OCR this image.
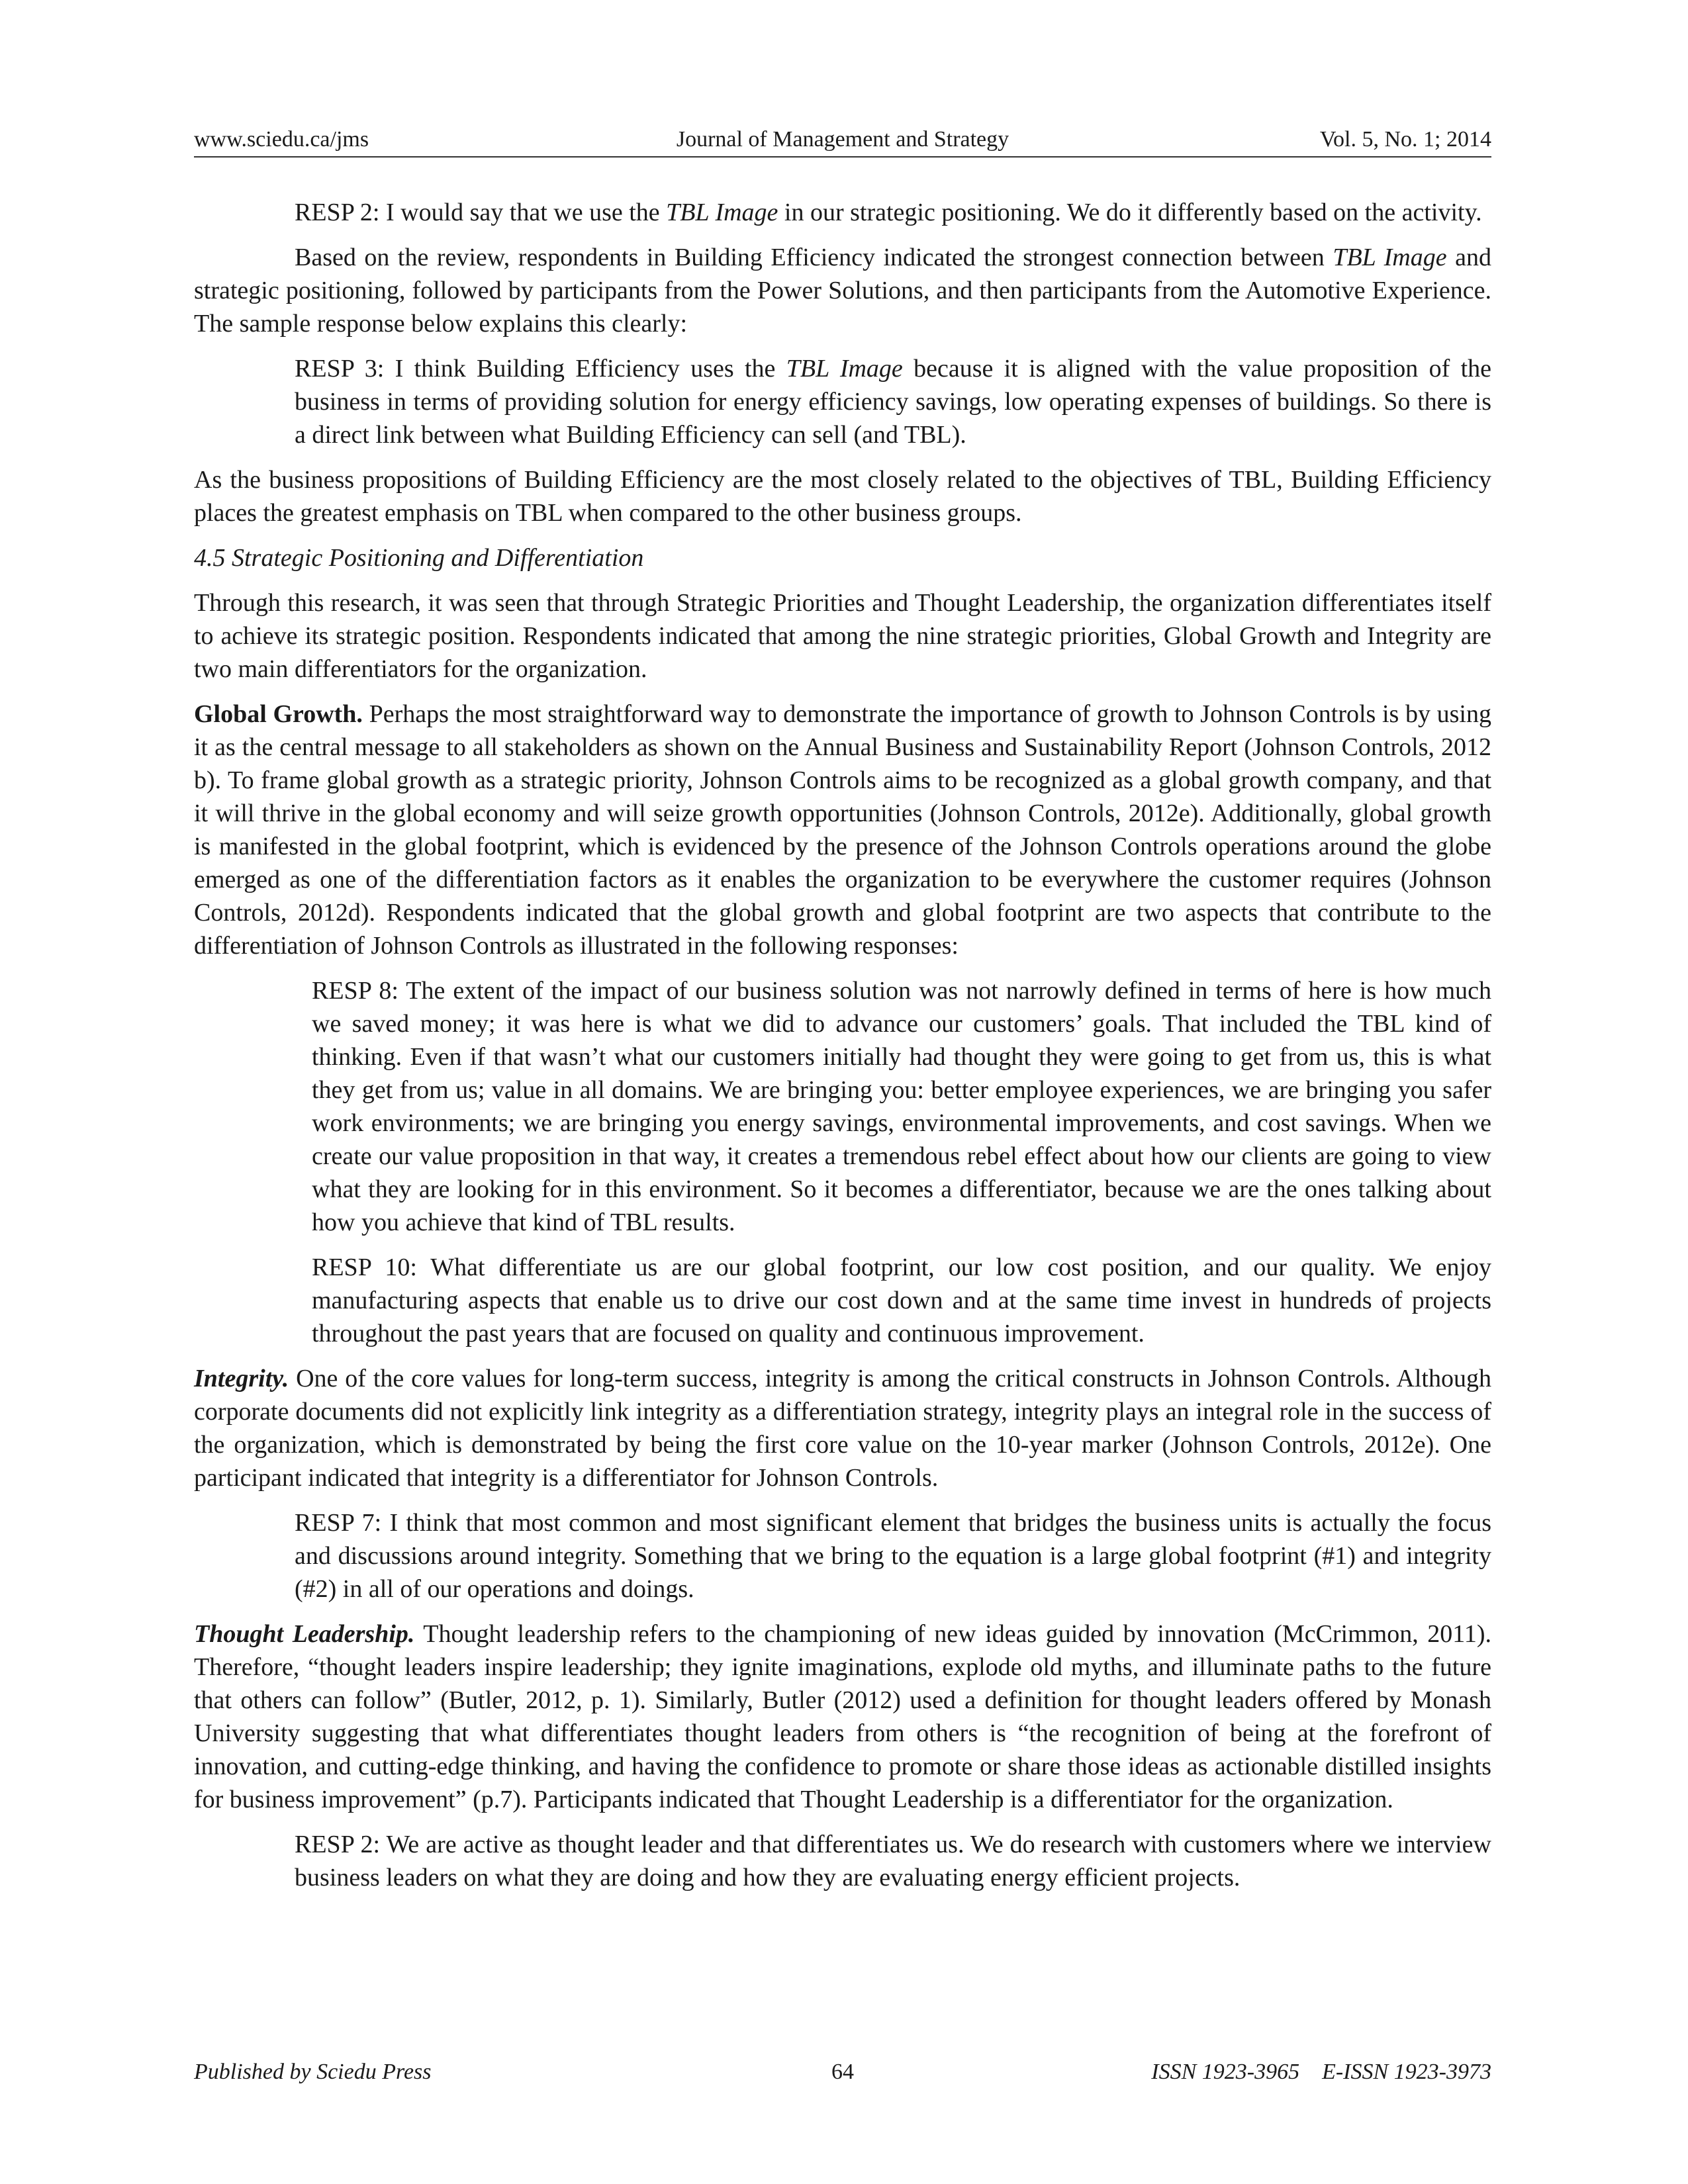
www.sciedu.ca/jms	Journal of Management and Strategy	Vol. 5, No. 1; 2014

RESP 2: I would say that we use the TBL Image in our strategic positioning. We do it differently based on the activity.

Based on the review, respondents in Building Efficiency indicated the strongest connection between TBL Image and strategic positioning, followed by participants from the Power Solutions, and then participants from the Automotive Experience. The sample response below explains this clearly:

RESP 3: I think Building Efficiency uses the TBL Image because it is aligned with the value proposition of the business in terms of providing solution for energy efficiency savings, low operating expenses of buildings. So there is a direct link between what Building Efficiency can sell (and TBL).

As the business propositions of Building Efficiency are the most closely related to the objectives of TBL, Building Efficiency places the greatest emphasis on TBL when compared to the other business groups.

4.5 Strategic Positioning and Differentiation

Through this research, it was seen that through Strategic Priorities and Thought Leadership, the organization differentiates itself to achieve its strategic position. Respondents indicated that among the nine strategic priorities, Global Growth and Integrity are two main differentiators for the organization.

Global Growth. Perhaps the most straightforward way to demonstrate the importance of growth to Johnson Controls is by using it as the central message to all stakeholders as shown on the Annual Business and Sustainability Report (Johnson Controls, 2012 b). To frame global growth as a strategic priority, Johnson Controls aims to be recognized as a global growth company, and that it will thrive in the global economy and will seize growth opportunities (Johnson Controls, 2012e). Additionally, global growth is manifested in the global footprint, which is evidenced by the presence of the Johnson Controls operations around the globe emerged as one of the differentiation factors as it enables the organization to be everywhere the customer requires (Johnson Controls, 2012d). Respondents indicated that the global growth and global footprint are two aspects that contribute to the differentiation of Johnson Controls as illustrated in the following responses:

RESP 8: The extent of the impact of our business solution was not narrowly defined in terms of here is how much we saved money; it was here is what we did to advance our customers’ goals. That included the TBL kind of thinking. Even if that wasn’t what our customers initially had thought they were going to get from us, this is what they get from us; value in all domains. We are bringing you: better employee experiences, we are bringing you safer work environments; we are bringing you energy savings, environmental improvements, and cost savings. When we create our value proposition in that way, it creates a tremendous rebel effect about how our clients are going to view what they are looking for in this environment. So it becomes a differentiator, because we are the ones talking about how you achieve that kind of TBL results.

RESP 10: What differentiate us are our global footprint, our low cost position, and our quality. We enjoy manufacturing aspects that enable us to drive our cost down and at the same time invest in hundreds of projects throughout the past years that are focused on quality and continuous improvement.

Integrity. One of the core values for long-term success, integrity is among the critical constructs in Johnson Controls. Although corporate documents did not explicitly link integrity as a differentiation strategy, integrity plays an integral role in the success of the organization, which is demonstrated by being the first core value on the 10-year marker (Johnson Controls, 2012e). One participant indicated that integrity is a differentiator for Johnson Controls.

RESP 7: I think that most common and most significant element that bridges the business units is actually the focus and discussions around integrity. Something that we bring to the equation is a large global footprint (#1) and integrity (#2) in all of our operations and doings.

Thought Leadership. Thought leadership refers to the championing of new ideas guided by innovation (McCrimmon, 2011). Therefore, “thought leaders inspire leadership; they ignite imaginations, explode old myths, and illuminate paths to the future that others can follow” (Butler, 2012, p. 1). Similarly, Butler (2012) used a definition for thought leaders offered by Monash University suggesting that what differentiates thought leaders from others is “the recognition of being at the forefront of innovation, and cutting-edge thinking, and having the confidence to promote or share those ideas as actionable distilled insights for business improvement” (p.7). Participants indicated that Thought Leadership is a differentiator for the organization.

RESP 2: We are active as thought leader and that differentiates us. We do research with customers where we interview business leaders on what they are doing and how they are evaluating energy efficient projects.

Published by Sciedu Press	64	ISSN 1923-3965    E-ISSN 1923-3973
